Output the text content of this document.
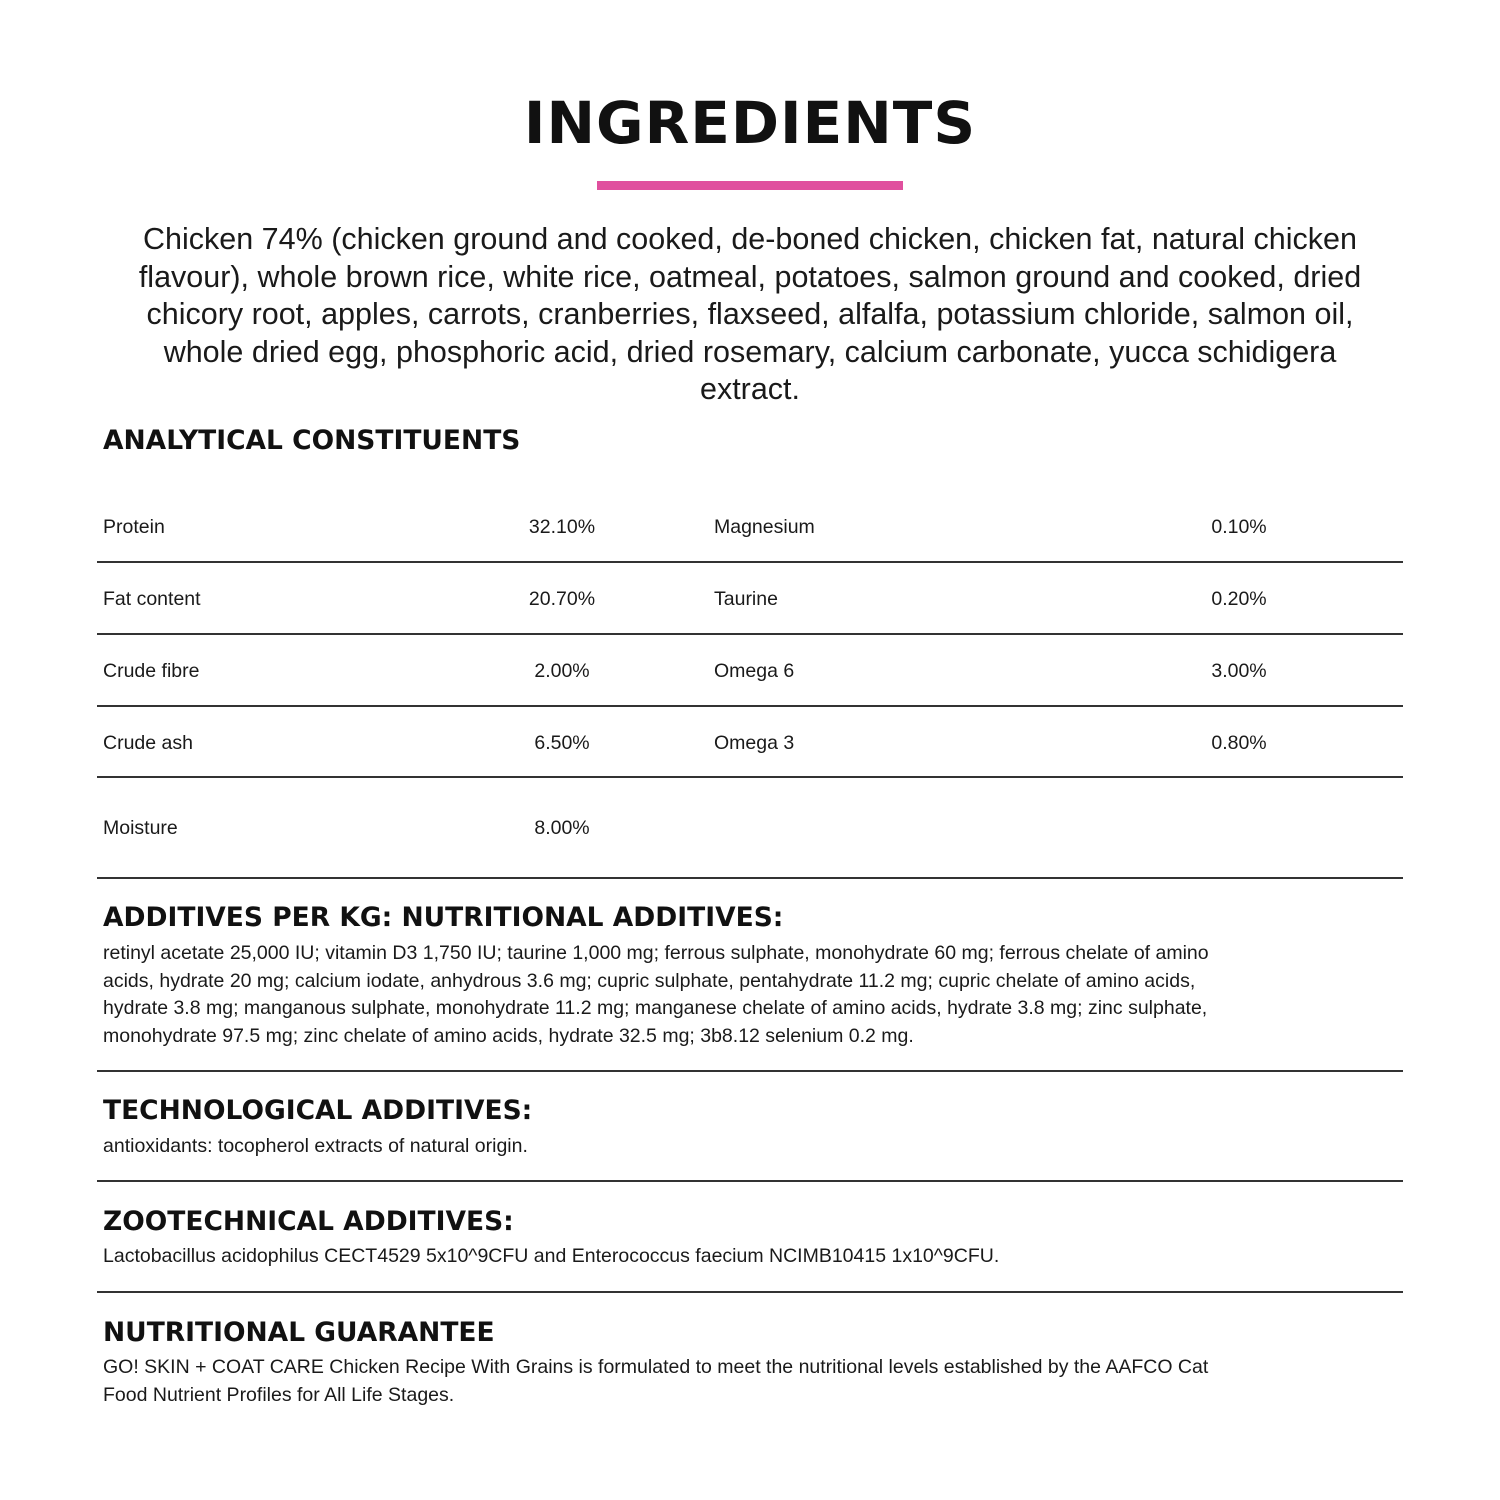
INGREDIENTS
Chicken 74% (chicken ground and cooked, de-boned chicken, chicken fat, natural chicken flavour), whole brown rice, white rice, oatmeal, potatoes, salmon ground and cooked, dried chicory root, apples, carrots, cranberries, flaxseed, alfalfa, potassium chloride, salmon oil, whole dried egg, phosphoric acid, dried rosemary, calcium carbonate, yucca schidigera extract.
ANALYTICAL CONSTITUENTS
Protein	32.10%	Magnesium	0.10%
Fat content	20.70%	Taurine	0.20%
Crude fibre	2.00%	Omega 6	3.00%
Crude ash	6.50%	Omega 3	0.80%
Moisture	8.00%
ADDITIVES PER KG: NUTRITIONAL ADDITIVES:
retinyl acetate 25,000 IU; vitamin D3 1,750 IU; taurine 1,000 mg; ferrous sulphate, monohydrate 60 mg; ferrous chelate of amino
acids, hydrate 20 mg; calcium iodate, anhydrous 3.6 mg; cupric sulphate, pentahydrate 11.2 mg; cupric chelate of amino acids,
hydrate 3.8 mg; manganous sulphate, monohydrate 11.2 mg; manganese chelate of amino acids, hydrate 3.8 mg; zinc sulphate,
monohydrate 97.5 mg; zinc chelate of amino acids, hydrate 32.5 mg; 3b8.12 selenium 0.2 mg.
TECHNOLOGICAL ADDITIVES:
antioxidants: tocopherol extracts of natural origin.
ZOOTECHNICAL ADDITIVES:
Lactobacillus acidophilus CECT4529 5x10^9CFU and Enterococcus faecium NCIMB10415 1x10^9CFU.
NUTRITIONAL GUARANTEE
GO! SKIN + COAT CARE Chicken Recipe With Grains is formulated to meet the nutritional levels established by the AAFCO Cat
Food Nutrient Profiles for All Life Stages.
